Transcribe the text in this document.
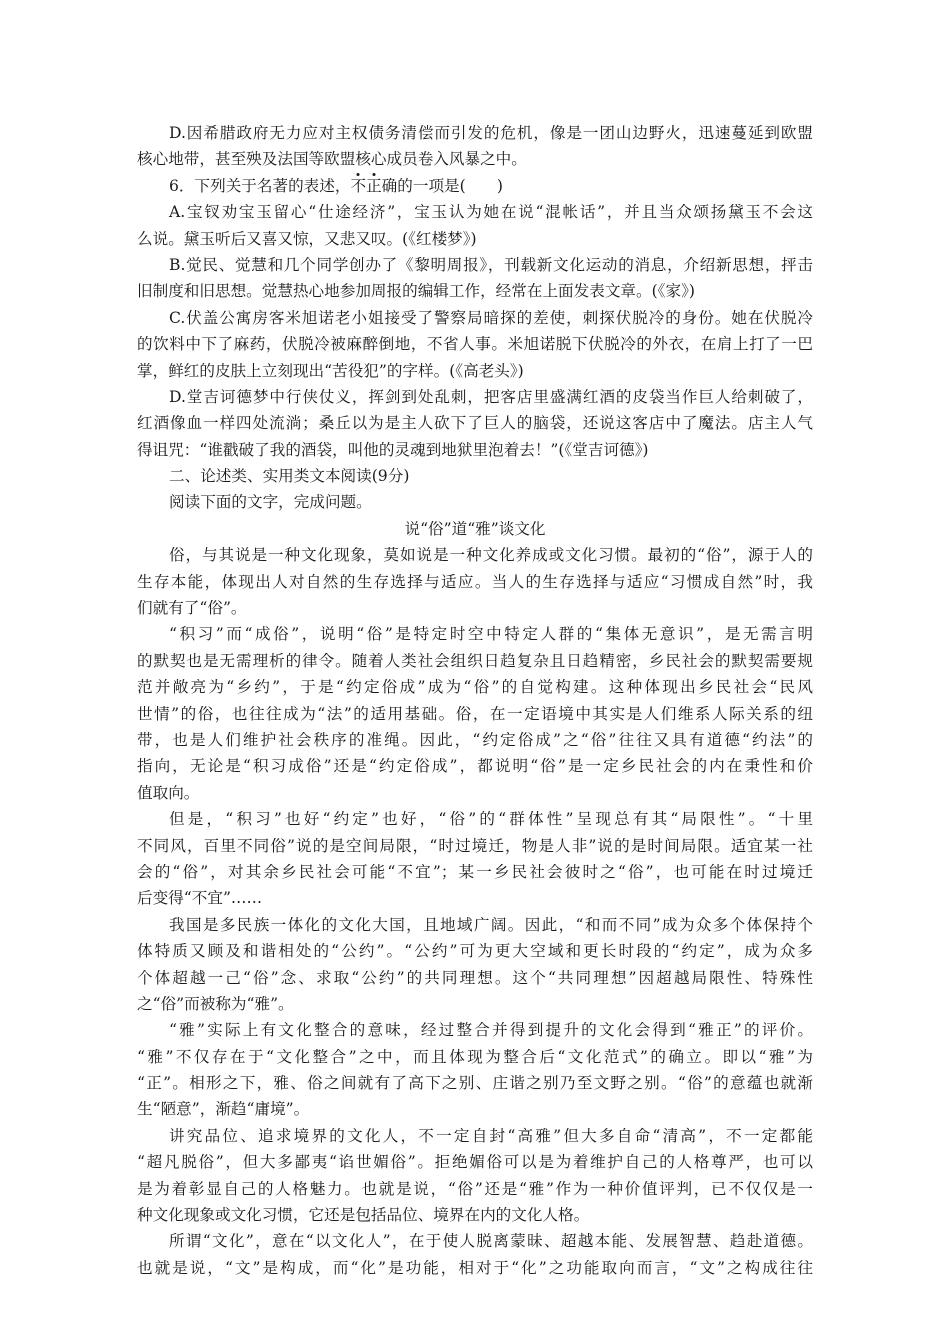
D.因希腊政府无力应对主权债务清偿而引发的危机，像是一团山边野火，迅速蔓延到欧盟
核心地带，甚至殃及法国等欧盟核心成员卷入风暴之中。
6．下列关于名著的表述，不正确的一项是(　　)
A.宝钗劝宝玉留心“仕途经济”，宝玉认为她在说“混帐话”，并且当众颂扬黛玉不会这
么说。黛玉听后又喜又惊，又悲又叹。(《红楼梦》)
B.觉民、觉慧和几个同学创办了《黎明周报》，刊载新文化运动的消息，介绍新思想，抨击
旧制度和旧思想。觉慧热心地参加周报的编辑工作，经常在上面发表文章。(《家》)
C.伏盖公寓房客米旭诺老小姐接受了警察局暗探的差使，刺探伏脱冷的身份。她在伏脱冷
的饮料中下了麻药，伏脱冷被麻醉倒地，不省人事。米旭诺脱下伏脱冷的外衣，在肩上打了一巴
掌，鲜红的皮肤上立刻现出“苦役犯”的字样。(《高老头》)
D.堂吉诃德梦中行侠仗义，挥剑到处乱刺，把客店里盛满红酒的皮袋当作巨人给刺破了，
红酒像血一样四处流淌；桑丘以为是主人砍下了巨人的脑袋，还说这客店中了魔法。店主人气
得诅咒：“谁戳破了我的酒袋，叫他的灵魂到地狱里泡着去！”(《堂吉诃德》)
二、论述类、实用类文本阅读(9分)
阅读下面的文字，完成问题。
说“俗”道“雅”谈文化
俗，与其说是一种文化现象，莫如说是一种文化养成或文化习惯。最初的“俗”，源于人的
生存本能，体现出人对自然的生存选择与适应。当人的生存选择与适应“习惯成自然”时，我
们就有了“俗”。
“积习”而“成俗”，说明“俗”是特定时空中特定人群的“集体无意识”，是无需言明
的默契也是无需理析的律令。随着人类社会组织日趋复杂且日趋精密，乡民社会的默契需要规
范并敞亮为“乡约”，于是“约定俗成”成为“俗”的自觉构建。这种体现出乡民社会“民风
世情”的俗，也往往成为“法”的适用基础。俗，在一定语境中其实是人们维系人际关系的纽
带，也是人们维护社会秩序的准绳。因此，“约定俗成”之“俗”往往又具有道德“约法”的
指向，无论是“积习成俗”还是“约定俗成”，都说明“俗”是一定乡民社会的内在秉性和价
值取向。
但是，“积习”也好“约定”也好，“俗”的“群体性”呈现总有其“局限性”。“十里
不同风，百里不同俗”说的是空间局限，“时过境迁，物是人非”说的是时间局限。适宜某一社
会的“俗”，对其余乡民社会可能“不宜”；某一乡民社会彼时之“俗”，也可能在时过境迁
后变得“不宜”……
我国是多民族一体化的文化大国，且地域广阔。因此，“和而不同”成为众多个体保持个
体特质又顾及和谐相处的“公约”。“公约”可为更大空域和更长时段的“约定”，成为众多
个体超越一己“俗”念、求取“公约”的共同理想。这个“共同理想”因超越局限性、特殊性
之“俗”而被称为“雅”。
“雅”实际上有文化整合的意味，经过整合并得到提升的文化会得到“雅正”的评价。
“雅”不仅存在于“文化整合”之中，而且体现为整合后“文化范式”的确立。即以“雅”为
“正”。相形之下，雅、俗之间就有了高下之别、庄谐之别乃至文野之别。“俗”的意蕴也就渐
生“陋意”，渐趋“庸境”。
讲究品位、追求境界的文化人，不一定自封“高雅”但大多自命“清高”，不一定都能
“超凡脱俗”，但大多鄙夷“谄世媚俗”。拒绝媚俗可以是为着维护自己的人格尊严，也可以
是为着彰显自己的人格魅力。也就是说，“俗”还是“雅”作为一种价值评判，已不仅仅是一
种文化现象或文化习惯，它还是包括品位、境界在内的文化人格。
所谓“文化”，意在“以文化人”，在于使人脱离蒙昧、超越本能、发展智慧、趋赴道德。
也就是说，“文”是构成，而“化”是功能，相对于“化”之功能取向而言，“文”之构成往往
